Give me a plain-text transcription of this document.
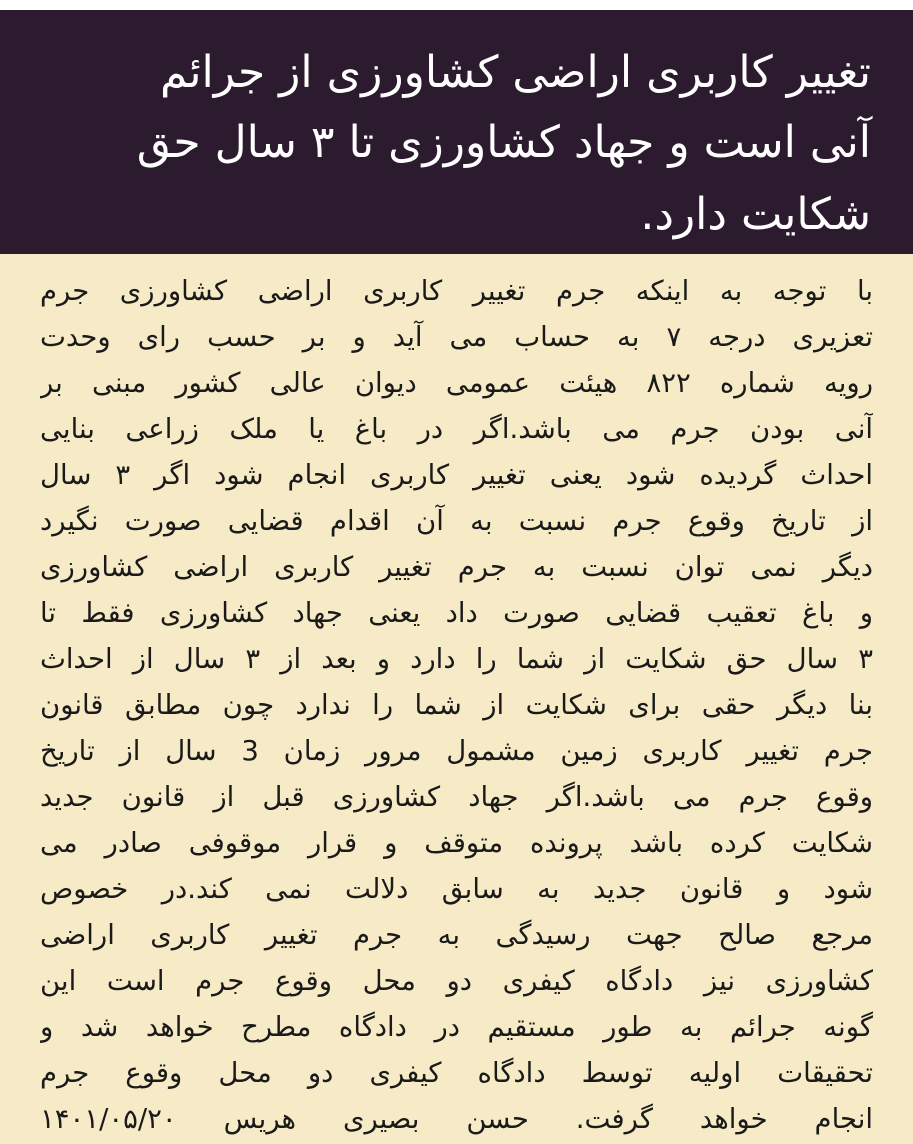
تغییر کاربری اراضی کشاورزی از جرائم
آنی است و جهاد کشاورزی تا ۳ سال حق
شکایت دارد.
با توجه به اینکه جرم تغییر کاربری اراضی کشاورزی جرم
تعزیری درجه ۷ به حساب می آید و بر حسب رای وحدت
رویه شماره ۸۲۲ هیئت عمومی دیوان عالی کشور مبنی بر
آنی بودن جرم می باشد.اگر در باغ یا ملک زراعی بنایی
احداث گردیده شود یعنی تغییر کاربری انجام شود اگر ۳ سال
از تاریخ وقوع جرم نسبت به آن اقدام قضایی صورت نگیرد
دیگر نمی توان نسبت به جرم تغییر کاربری اراضی کشاورزی
و باغ تعقیب قضایی صورت داد یعنی جهاد کشاورزی فقط تا
۳ سال حق شکایت از شما را دارد و بعد از ۳ سال از احداث
بنا دیگر حقی برای شکایت از شما را ندارد چون مطابق قانون
جرم تغییر کاربری زمین مشمول مرور زمان 3 سال از تاریخ
وقوع جرم می باشد.اگر جهاد کشاورزی قبل از قانون جدید
شکایت کرده باشد پرونده متوقف و قرار موقوفی صادر می
شود و قانون جدید به سابق دلالت نمی کند.در خصوص
مرجع صالح جهت رسیدگی به جرم تغییر کاربری اراضی
کشاورزی نیز دادگاه کیفری دو محل وقوع جرم است این
گونه جرائم به طور مستقیم در دادگاه مطرح خواهد شد و
تحقیقات اولیه توسط دادگاه کیفری دو محل وقوع جرم
انجام خواهد گرفت. حسن بصیری هریس ۱۴۰۱/۰۵/۲۰
